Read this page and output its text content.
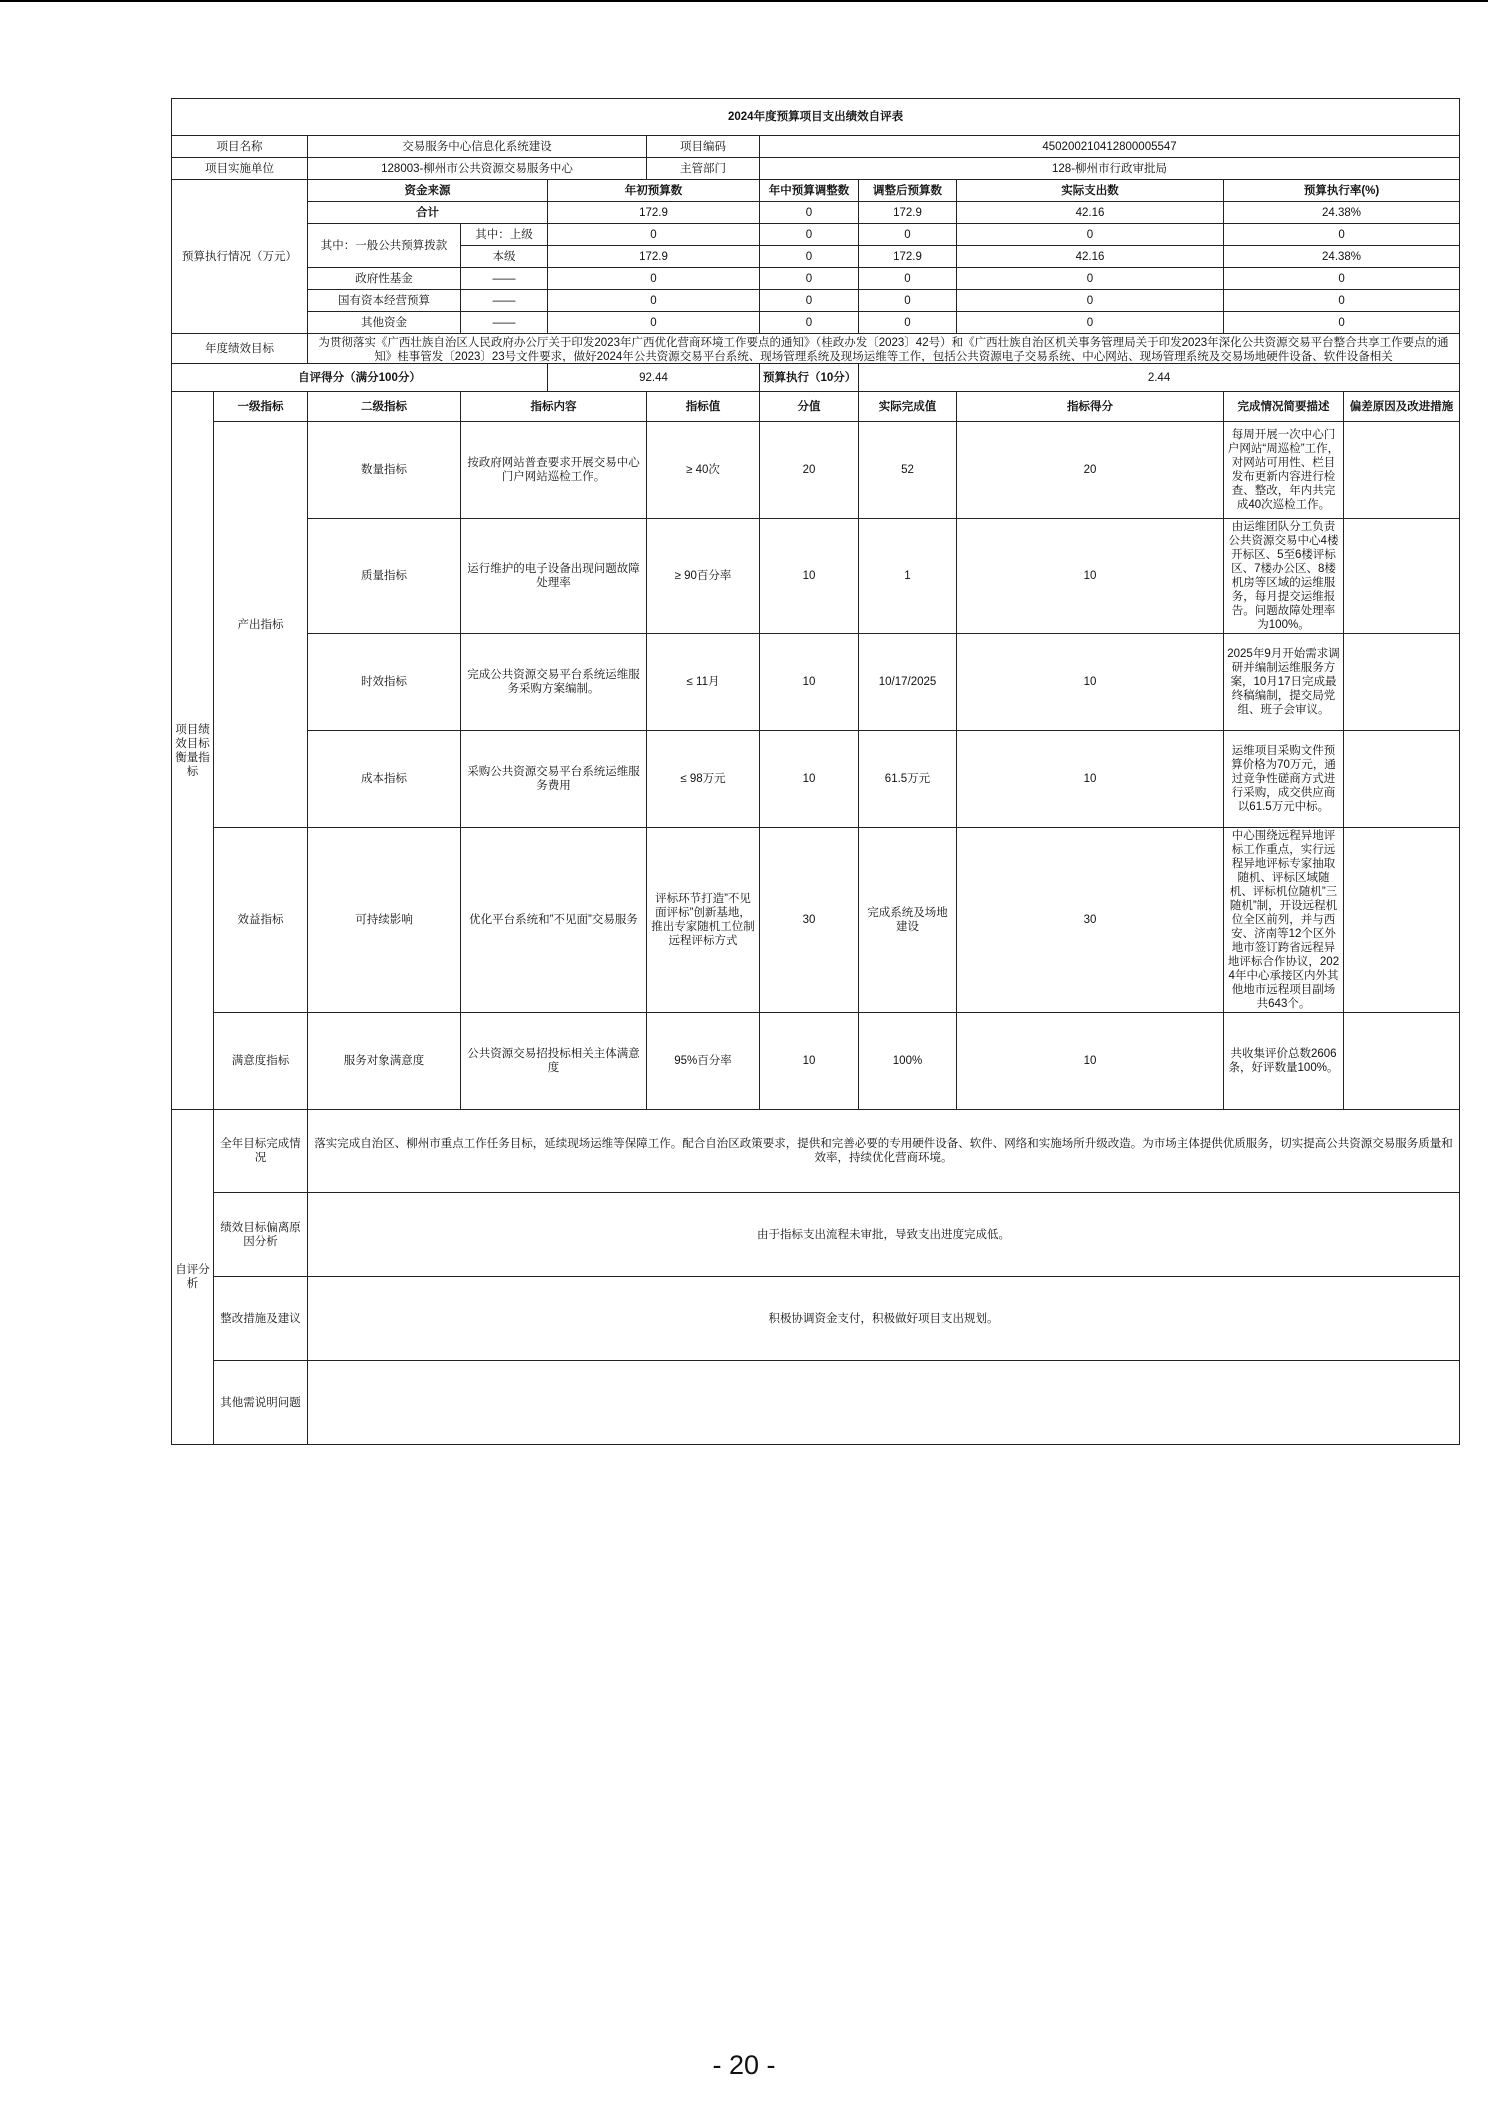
2024年度预算项目支出绩效自评表										
项目名称		交易服务中心信息化系统建设			项目编码	450200210412800005547				
项目实施单位		128003-柳州市公共资源交易服务中心			主管部门	128-柳州市行政审批局				
预算执行情况（万元）		资金来源		年初预算数		年中预算调整数	调整后预算数	实际支出数	预算执行率(%)	
		合计		172.9		0	172.9	42.16	24.38%	
		其中：一般公共预算拨款	其中：上级	0		0	0	0	0	
			本级	172.9		0	172.9	42.16	24.38%	
		政府性基金	——	0		0	0	0	0	
		国有资本经营预算	——	0		0	0	0	0	
		其他资金	——	0		0	0	0	0	
年度绩效目标		为贯彻落实《广西壮族自治区人民政府办公厅关于印发2023年广西优化营商环境工作要点的通知》（桂政办发〔2023〕42号）和《广西壮族自治区机关事务管理局关于印发2023年深化公共资源交易平台整合共享工作要点的通知》桂事管发〔2023〕23号文件要求，做好2024年公共资源交易平台系统、现场管理系统及现场运维等工作，包括公共资源电子交易系统、中心网站、现场管理系统及交易场地硬件设备、软件设备相关								

自评得分（满分100分）				92.44		预算执行（10分）	2.44			
项目绩效目标衡量指标	一级指标	二级指标	指标内容		指标值	分值	实际完成值	指标得分	完成情况简要描述	偏差原因及改进措施
	产出指标	数量指标	按政府网站普查要求开展交易中心门户网站巡检工作。		≥ 40次	20	52	20	每周开展一次中心门户网站“周巡检”工作，对网站可用性、栏目发布更新内容进行检查、整改，年内共完成40次巡检工作。	
		质量指标	运行维护的电子设备出现问题故障处理率		≥ 90百分率	10	1	10	由运维团队分工负责公共资源交易中心4楼开标区、5至6楼评标区、7楼办公区、8楼机房等区域的运维服务，每月提交运维报告。问题故障处理率为100%。	
		时效指标	完成公共资源交易平台系统运维服务采购方案编制。		≤ 11月	10	10/17/2025	10	2025年9月开始需求调研并编制运维服务方案，10月17日完成最终稿编制，提交局党组、班子会审议。	
		成本指标	采购公共资源交易平台系统运维服务费用		≤ 98万元	10	61.5万元	10	运维项目采购文件预算价格为70万元，通过竞争性磋商方式进行采购，成交供应商以61.5万元中标。	
	效益指标	可持续影响	优化平台系统和”不见面”交易服务		评标环节打造”不见面评标”创新基地，推出专家随机工位制远程评标方式	30	完成系统及场地建设	30	中心围绕远程异地评标工作重点，实行远程异地评标专家抽取随机、评标区域随机、评标机位随机”三随机”制，开设远程机位全区前列，并与西安、济南等12个区外地市签订跨省远程异地评标合作协议，2024年中心承接区内外其他地市远程项目副场共643个。	
	满意度指标	服务对象满意度	公共资源交易招投标相关主体满意度		95%百分率	10	100%	10	共收集评价总数2606条，好评数量100%。	
自评分析	全年目标完成情况	落实完成自治区、柳州市重点工作任务目标，延续现场运维等保障工作。配合自治区政策要求，提供和完善必要的专用硬件设备、软件、网络和实施场所升级改造。为市场主体提供优质服务，切实提高公共资源交易服务质量和效率，持续优化营商环境。								
	绩效目标偏离原因分析	由于指标支出流程未审批，导致支出进度完成低。								
	整改措施及建议	积极协调资金支付，积极做好项目支出规划。								
	其他需说明问题									
- 20 -
